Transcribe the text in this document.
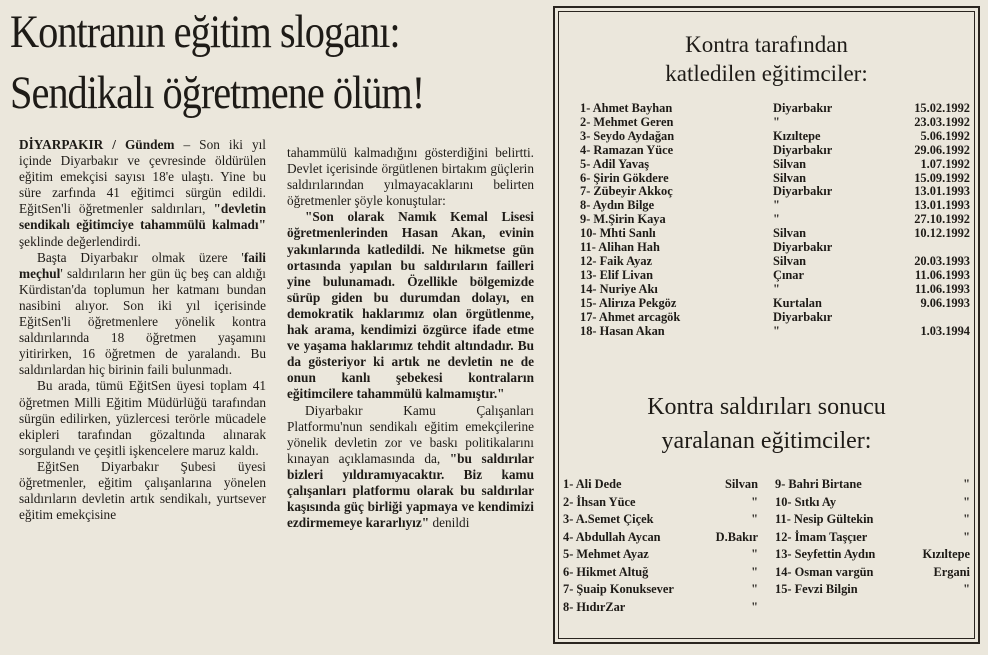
Kontranın eğitim sloganı:
Sendikalı öğretmene ölüm!

DİYARPAKIR / Gündem – Son iki yıl içinde Diyarbakır ve çevresinde öldürülen eğitim emekçisi sayısı 18'e ulaştı. Yine bu süre zarfında 41 eğitimci sürgün edildi. EğitSen'li öğretmenler saldırıları, "devletin sendikalı eğitimciye tahammülü kalmadı" şeklinde değerlendirdi.

Başta Diyarbakır olmak üzere 'faili meçhul' saldırıların her gün üç beş can aldığı Kürdistan'da toplumun her katmanı bundan nasibini alıyor. Son iki yıl içerisinde EğitSen'li öğretmenlere yönelik kontra saldırılarında 18 öğretmen yaşamını yitirirken, 16 öğretmen de yaralandı. Bu saldırılardan hiç birinin faili bulunmadı.

Bu arada, tümü EğitSen üyesi toplam 41 öğretmen Milli Eğitim Müdürlüğü tarafından sürgün edilirken, yüzlercesi terörle mücadele ekipleri tarafından gözaltında alınarak sorgulandı ve çeşitli işkencelere maruz kaldı.

EğitSen Diyarbakır Şubesi üyesi öğretmenler, eğitim çalışanlarına yönelen saldırıların devletin artık sendikalı, yurtsever eğitim emekçisine

tahammülü kalmadığını gösterdiğini belirtti. Devlet içerisinde örgütlenen birtakım güçlerin saldırılarından yılmayacaklarını belirten öğretmenler şöyle konuştular:

"Son olarak Namık Kemal Lisesi öğretmenlerinden Hasan Akan, evinin yakınlarında katledildi. Ne hikmetse gün ortasında yapılan bu saldırıların failleri yine bulunamadı. Özellikle bölgemizde sürüp giden bu durumdan dolayı, en demokratik haklarımız olan örgütlenme, hak arama, kendimizi özgürce ifade etme ve yaşama haklarımız tehdit altındadır. Bu da gösteriyor ki artık ne devletin ne de onun kanlı şebekesi kontraların eğitimcilere tahammülü kalmamıştır."

Diyarbakır Kamu Çalışanları Platformu'nun sendikalı eğitim emekçilerine yönelik devletin zor ve baskı politikalarını kınayan açıklamasında da, "bu saldırılar bizleri yıldıramıyacaktır. Biz kamu çalışanları platformu olarak bu saldırılar kaşısında güç birliği yapmaya ve kendimizi ezdirmemeye kararlıyız" denildi

Kontra tarafından
katledilen eğitimciler:
1- Ahmet Bayhan	Diyarbakır	15.02.1992
2- Mehmet Geren	"	23.03.1992
3- Seydo Aydağan	Kızıltepe	5.06.1992
4- Ramazan Yüce	Diyarbakır	29.06.1992
5- Adil Yavaş	Silvan	1.07.1992
6- Şirin Gökdere	Silvan	15.09.1992
7- Zübeyir Akkoç	Diyarbakır	13.01.1993
8- Aydın Bilge	"	13.01.1993
9- M.Şirin Kaya	"	27.10.1992
10- Mhti Sanlı	Silvan	10.12.1992
11- Alihan Hah	Diyarbakır	
12- Faik Ayaz	Silvan	20.03.1993
13- Elif Livan	Çınar	11.06.1993
14- Nuriye Akı	"	11.06.1993
15- Alirıza Pekgöz	Kurtalan	9.06.1993
17- Ahmet arcagök	Diyarbakır	
18- Hasan Akan	"	1.03.1994
Kontra saldırıları sonucu
yaralanan eğitimciler:
1- Ali Dede	Silvan
2- İhsan Yüce	"
3- A.Semet Çiçek	"
4- Abdullah Aycan	D.Bakır
5- Mehmet Ayaz	"
6- Hikmet Altuğ	"
7- Şuaip Konuksever	"
8- HıdırZar	"
9- Bahri Birtane	"
10- Sıtkı Ay	"
11- Nesip Gültekin	"
12- İmam Taşçıer	"
13- Seyfettin Aydın	Kızıltepe
14- Osman vargün	Ergani
15- Fevzi Bilgin	"
